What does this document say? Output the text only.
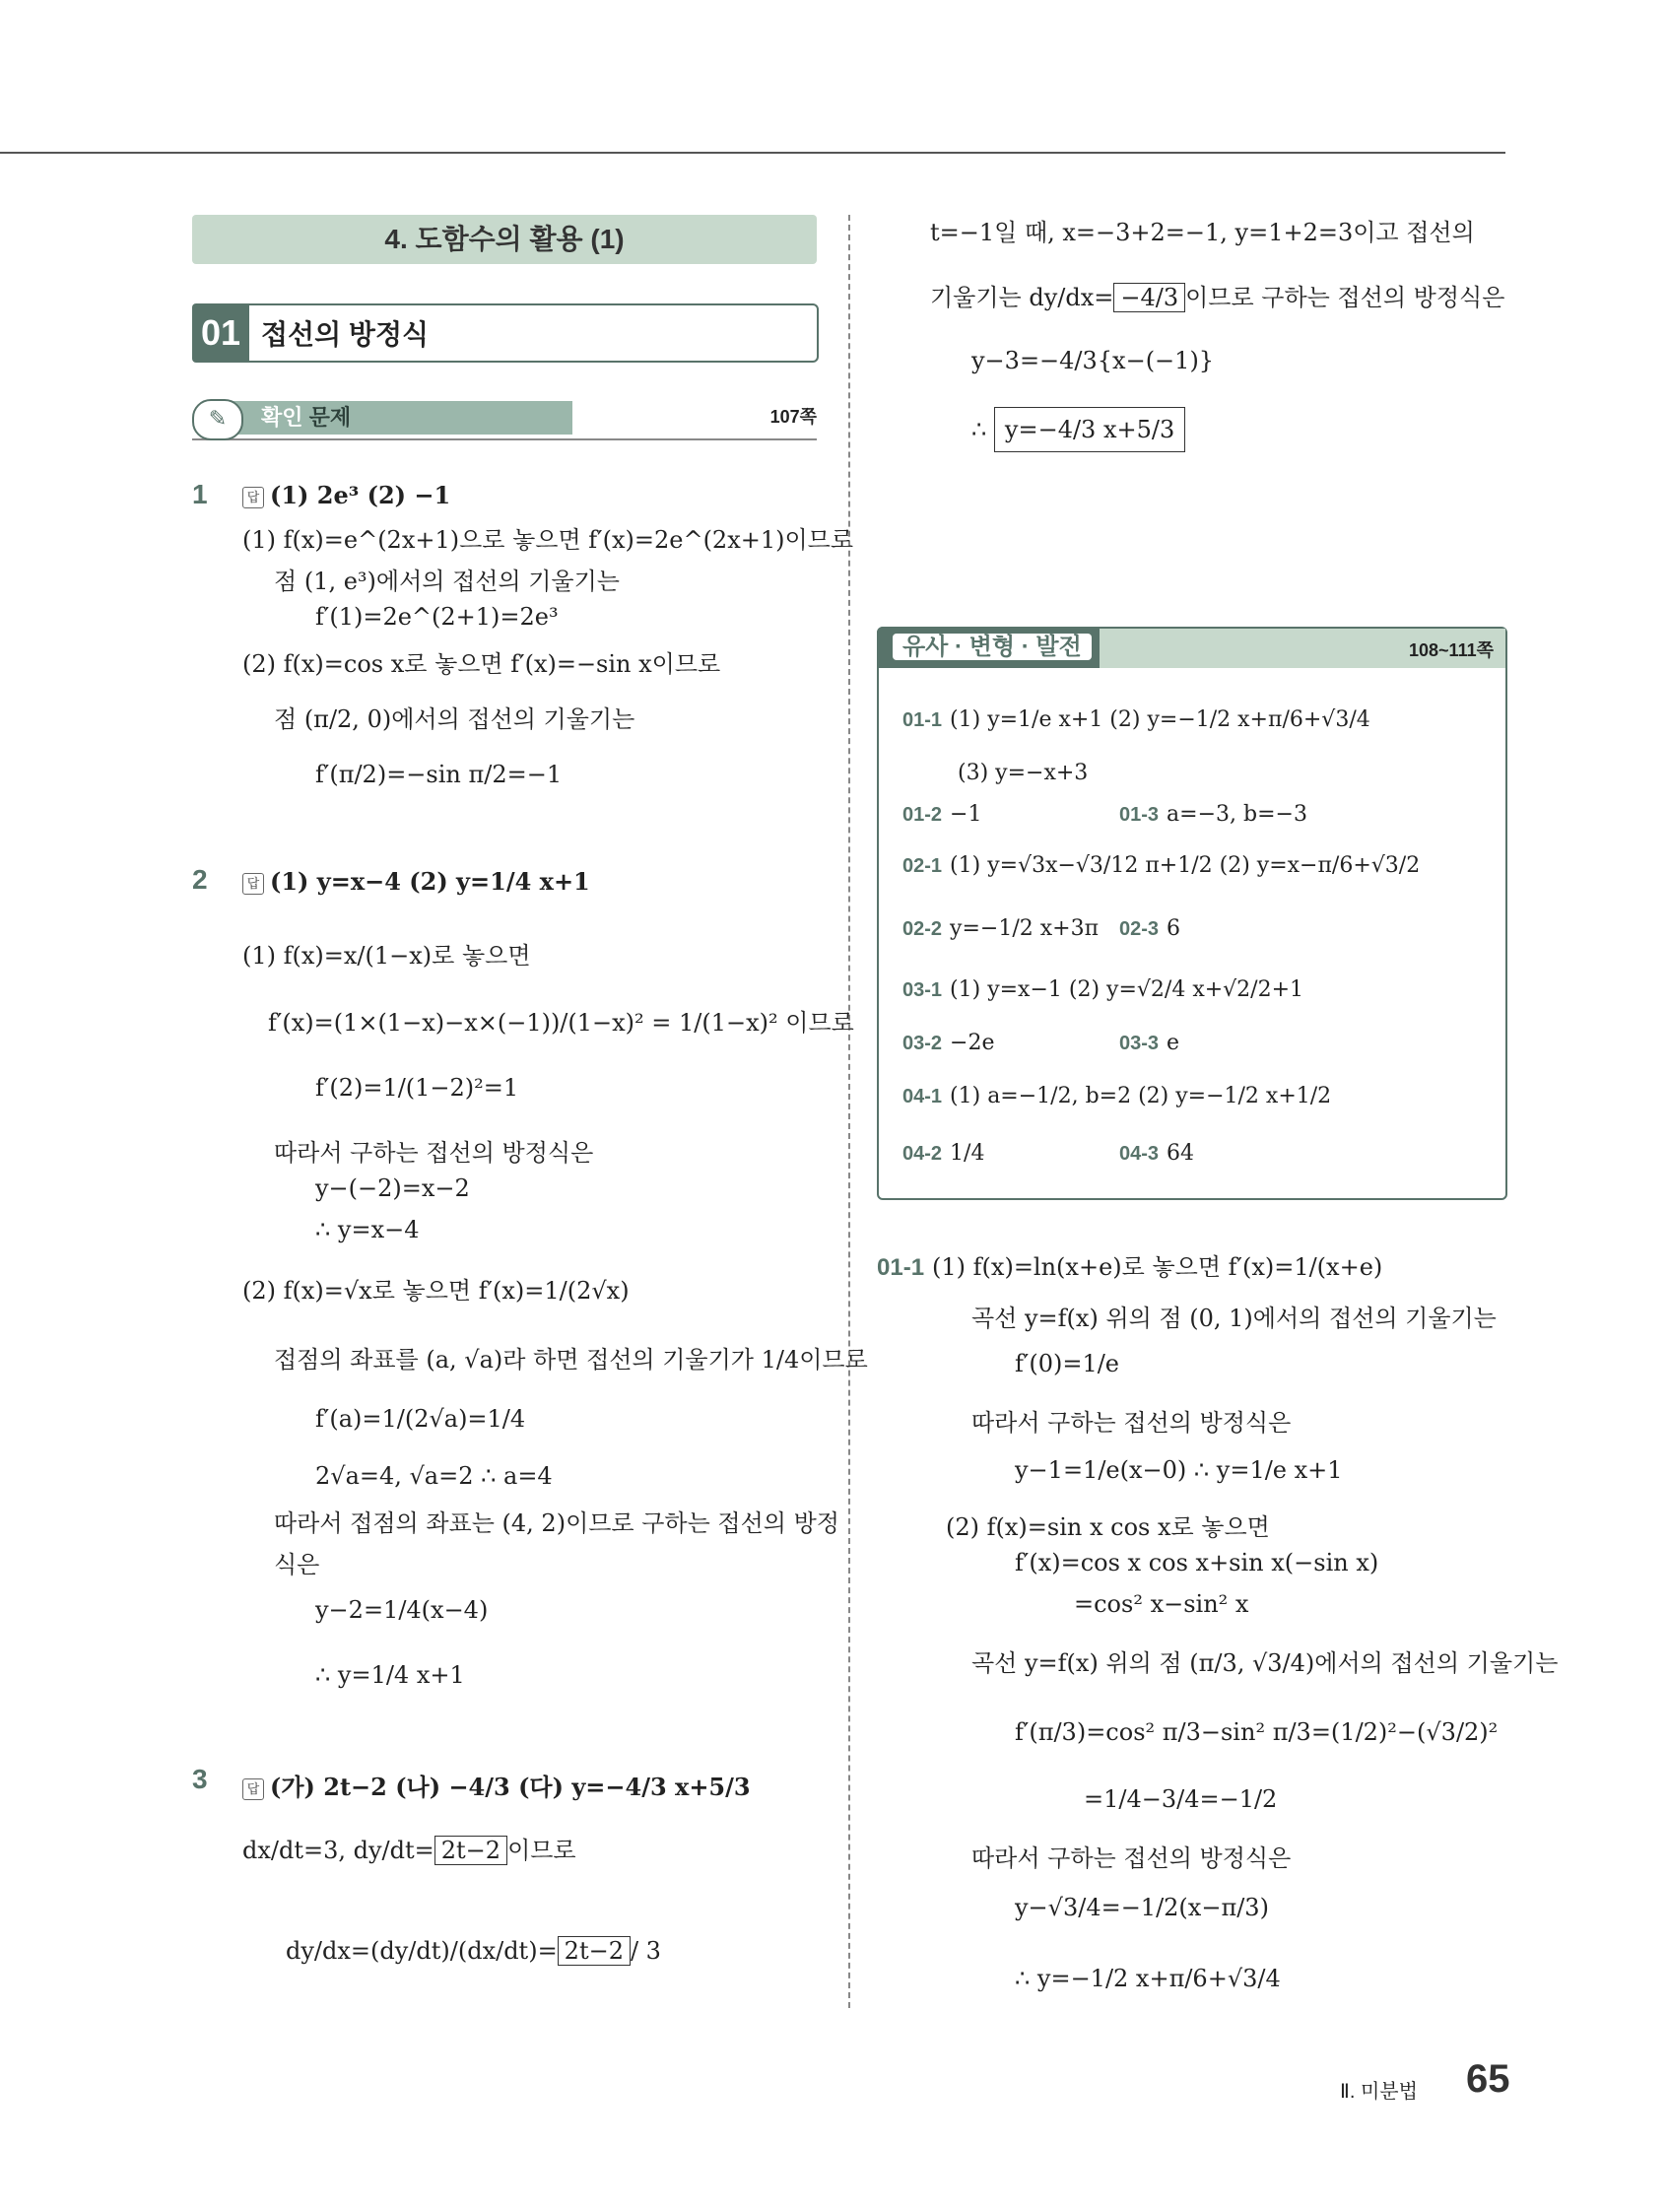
4. 도함수의 활용 (1)
01 접선의 방정식
확인 문제
✎	107쪽
1	답 (1) 2e³ (2) −1
(1) f(x)=e^(2x+1)으로 놓으면 f′(x)=2e^(2x+1)이므로
점 (1, e³)에서의 접선의 기울기는
f′(1)=2e^(2+1)=2e³
(2) f(x)=cos x로 놓으면 f′(x)=−sin x이므로
점 (π/2, 0)에서의 접선의 기울기는
f′(π/2)=−sin π/2=−1
2	답 (1) y=x−4 (2) y=1/4 x+1
(1) f(x)=x/(1−x)로 놓으면
f′(x)=(1×(1−x)−x×(−1))/(1−x)² = 1/(1−x)² 이므로
f′(2)=1/(1−2)²=1
따라서 구하는 접선의 방정식은
y−(−2)=x−2
∴ y=x−4
(2) f(x)=√x로 놓으면 f′(x)=1/(2√x)
접점의 좌표를 (a, √a)라 하면 접선의 기울기가 1/4이므로
f′(a)=1/(2√a)=1/4
2√a=4, √a=2 ∴ a=4
따라서 접점의 좌표는 (4, 2)이므로 구하는 접선의 방정
식은
y−2=1/4(x−4)
∴ y=1/4 x+1
3	답 (가) 2t−2 (나) −4/3 (다) y=−4/3 x+5/3
dx/dt=3, dy/dt= 2t−2 이므로
dy/dx=(dy/dt)/(dx/dt)= 2t−2 / 3
t=−1일 때, x=−3+2=−1, y=1+2=3이고 접선의
기울기는 dy/dx= −4/3 이므로 구하는 접선의 방정식은
y−3=−4/3{x−(−1)}
∴ y=−4/3 x+5/3
유사 · 변형 · 발전	108~111쪽
01-1 (1) y=1/e x+1 (2) y=−1/2 x+π/6+√3/4
(3) y=−x+3
01-2 −1	01-3 a=−3, b=−3
02-1 (1) y=√3x−√3/12 π+1/2 (2) y=x−π/6+√3/2
02-2 y=−1/2 x+3π 02-3 6
03-1 (1) y=x−1 (2) y=√2/4 x+√2/2+1
03-2 −2e	03-3 e
04-1 (1) a=−1/2, b=2 (2) y=−1/2 x+1/2
04-2 1/4	04-3 64
01-1 (1) f(x)=ln(x+e)로 놓으면 f′(x)=1/(x+e)
곡선 y=f(x) 위의 점 (0, 1)에서의 접선의 기울기는
f′(0)=1/e
따라서 구하는 접선의 방정식은
y−1=1/e(x−0) ∴ y=1/e x+1
(2) f(x)=sin x cos x로 놓으면
f′(x)=cos x cos x+sin x(−sin x)
=cos² x−sin² x
곡선 y=f(x) 위의 점 (π/3, √3/4)에서의 접선의 기울기는
f′(π/3)=cos² π/3−sin² π/3=(1/2)²−(√3/2)²
=1/4−3/4=−1/2
따라서 구하는 접선의 방정식은
y−√3/4=−1/2(x−π/3)
∴ y=−1/2 x+π/6+√3/4
Ⅱ. 미분법 65
